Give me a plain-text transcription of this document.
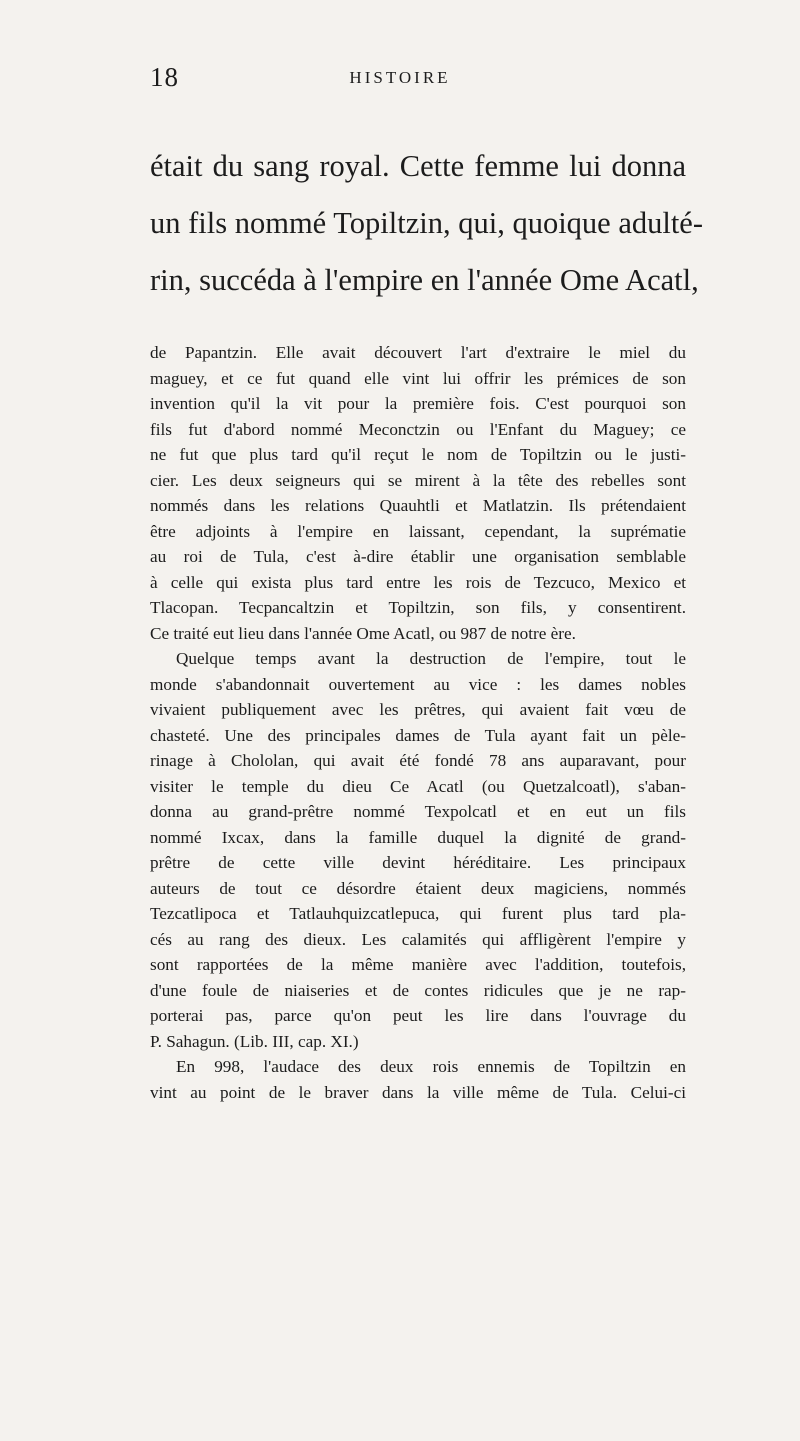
18	HISTOIRE
était du sang royal. Cette femme lui donna
un fils nommé Topiltzin, qui, quoique adulté-
rin, succéda à l'empire en l'année Ome Acatl,
de Papantzin. Elle avait découvert l'art d'extraire le miel du
maguey, et ce fut quand elle vint lui offrir les prémices de son
invention qu'il la vit pour la première fois. C'est pourquoi son
fils fut d'abord nommé Meconctzin ou l'Enfant du Maguey; ce
ne fut que plus tard qu'il reçut le nom de Topiltzin ou le justi-
cier. Les deux seigneurs qui se mirent à la tête des rebelles sont
nommés dans les relations Quauhtli et Matlatzin. Ils prétendaient
être adjoints à l'empire en laissant, cependant, la suprématie
au roi de Tula, c'est à-dire établir une organisation semblable
à celle qui exista plus tard entre les rois de Tezcuco, Mexico et
Tlacopan. Tecpancaltzin et Topiltzin, son fils, y consentirent.
Ce traité eut lieu dans l'année Ome Acatl, ou 987 de notre ère.
Quelque temps avant la destruction de l'empire, tout le
monde s'abandonnait ouvertement au vice : les dames nobles
vivaient publiquement avec les prêtres, qui avaient fait vœu de
chasteté. Une des principales dames de Tula ayant fait un pèle-
rinage à Chololan, qui avait été fondé 78 ans auparavant, pour
visiter le temple du dieu Ce Acatl (ou Quetzalcoatl), s'aban-
donna au grand-prêtre nommé Texpolcatl et en eut un fils
nommé Ixcax, dans la famille duquel la dignité de grand-
prêtre de cette ville devint héréditaire. Les principaux
auteurs de tout ce désordre étaient deux magiciens, nommés
Tezcatlipoca et Tatlauhquizcatlepuca, qui furent plus tard pla-
cés au rang des dieux. Les calamités qui affligèrent l'empire y
sont rapportées de la même manière avec l'addition, toutefois,
d'une foule de niaiseries et de contes ridicules que je ne rap-
porterai pas, parce qu'on peut les lire dans l'ouvrage du
P. Sahagun. (Lib. III, cap. XI.)
En 998, l'audace des deux rois ennemis de Topiltzin en
vint au point de le braver dans la ville même de Tula. Celui-ci
